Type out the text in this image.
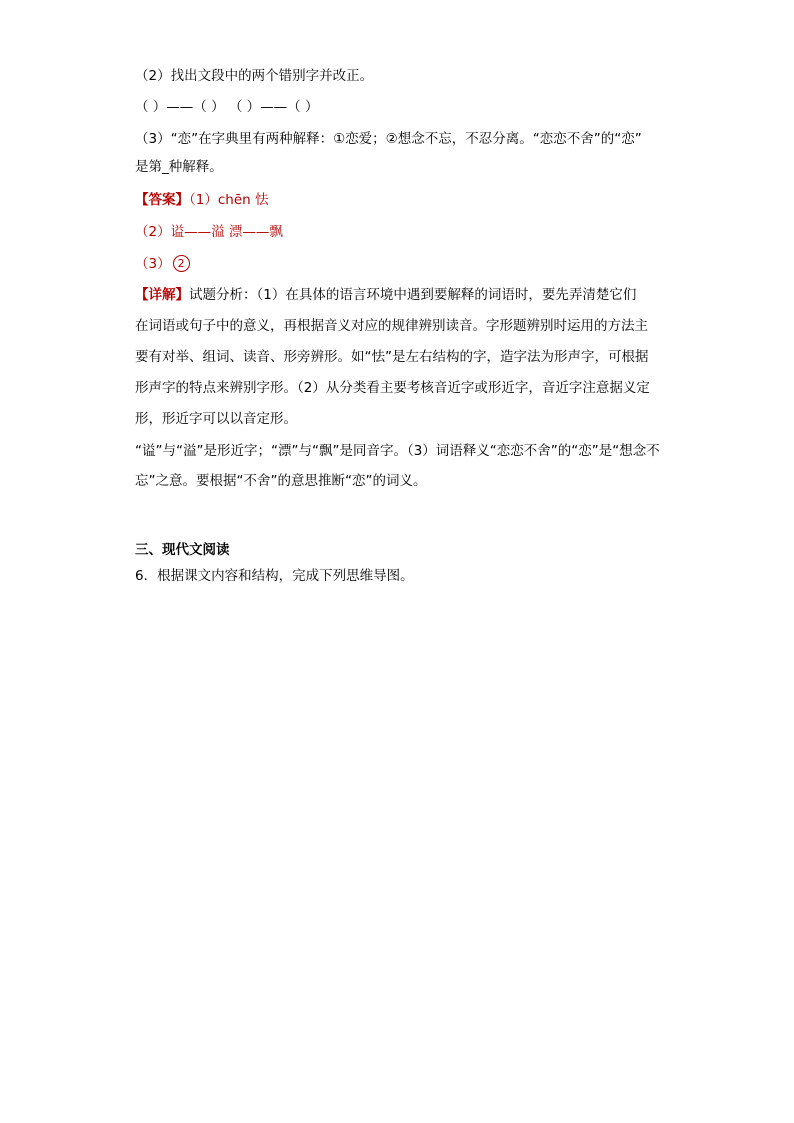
（2）找出文段中的两个错别字并改正。
（ ）——（ ） （ ）——（ ）
（3）“恋”在字典里有两种解释：①恋爱；②想念不忘，不忍分离。“恋恋不舍”的“恋”
是第_种解释。
【答案】（1）chēn 怯
（2）谥——溢 漂——飘
（3） 2
【详解】试题分析：（1）在具体的语言环境中遇到要解释的词语时，要先弄清楚它们
在词语或句子中的意义，再根据音义对应的规律辨别读音。字形题辨别时运用的方法主
要有对举、组词、读音、形旁辨形。如“怯”是左右结构的字，造字法为形声字，可根据
形声字的特点来辨别字形。（2）从分类看主要考核音近字或形近字，音近字注意据义定
形，形近字可以以音定形。
“谥”与“溢”是形近字；“漂”与“飘”是同音字。（3）词语释义“恋恋不舍”的“恋”是“想念不
忘”之意。要根据“不舍”的意思推断“恋”的词义。
三、现代文阅读
6．根据课文内容和结构，完成下列思维导图。
